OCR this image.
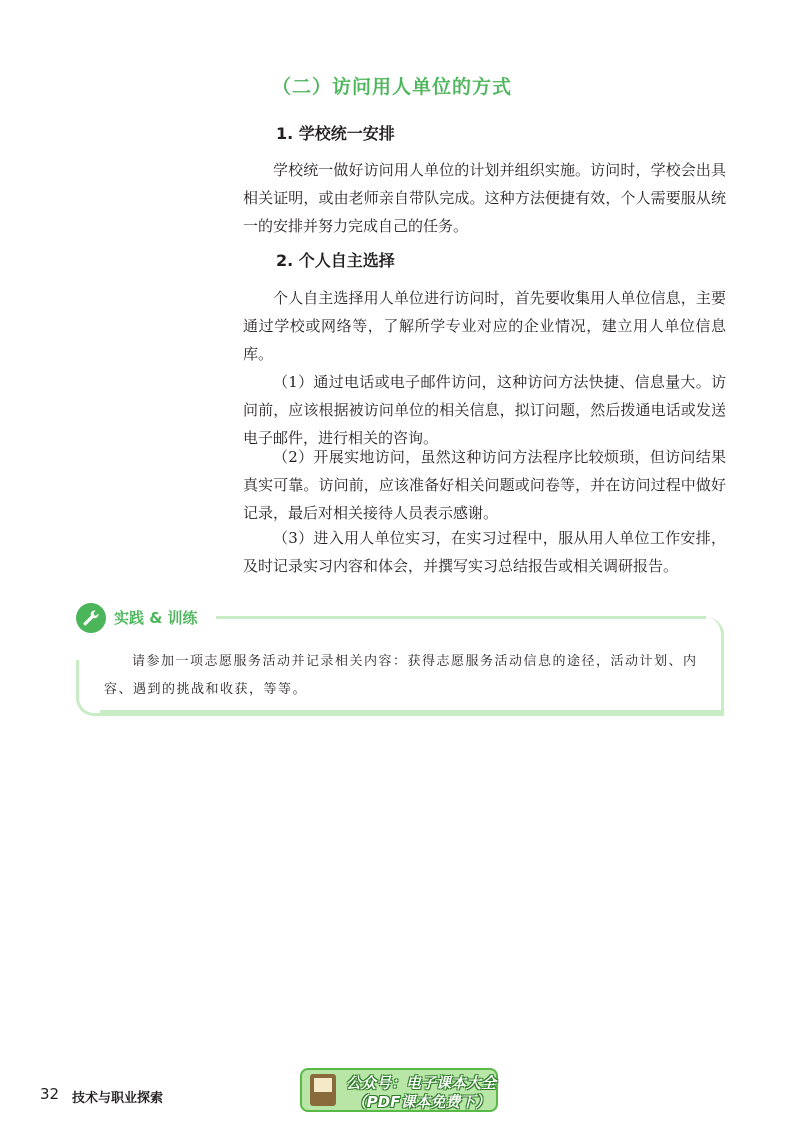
（二）访问用人单位的方式
1. 学校统一安排

学校统一做好访问用人单位的计划并组织实施。访问时，学校会出具相关证明，或由老师亲自带队完成。这种方法便捷有效，个人需要服从统一的安排并努力完成自己的任务。

2. 个人自主选择

个人自主选择用人单位进行访问时，首先要收集用人单位信息，主要通过学校或网络等，了解所学专业对应的企业情况，建立用人单位信息库。

（1）通过电话或电子邮件访问，这种访问方法快捷、信息量大。访问前，应该根据被访问单位的相关信息，拟订问题，然后拨通电话或发送电子邮件，进行相关的咨询。

（2）开展实地访问，虽然这种访问方法程序比较烦琐，但访问结果真实可靠。访问前，应该准备好相关问题或问卷等，并在访问过程中做好记录，最后对相关接待人员表示感谢。

（3）进入用人单位实习，在实习过程中，服从用人单位工作安排，及时记录实习内容和体会，并撰写实习总结报告或相关调研报告。

实践 & 训练

请参加一项志愿服务活动并记录相关内容：获得志愿服务活动信息的途径，活动计划、内容、遇到的挑战和收获，等等。

32 技术与职业探索
公众号：电子课本大全
（PDF课本免费下）
